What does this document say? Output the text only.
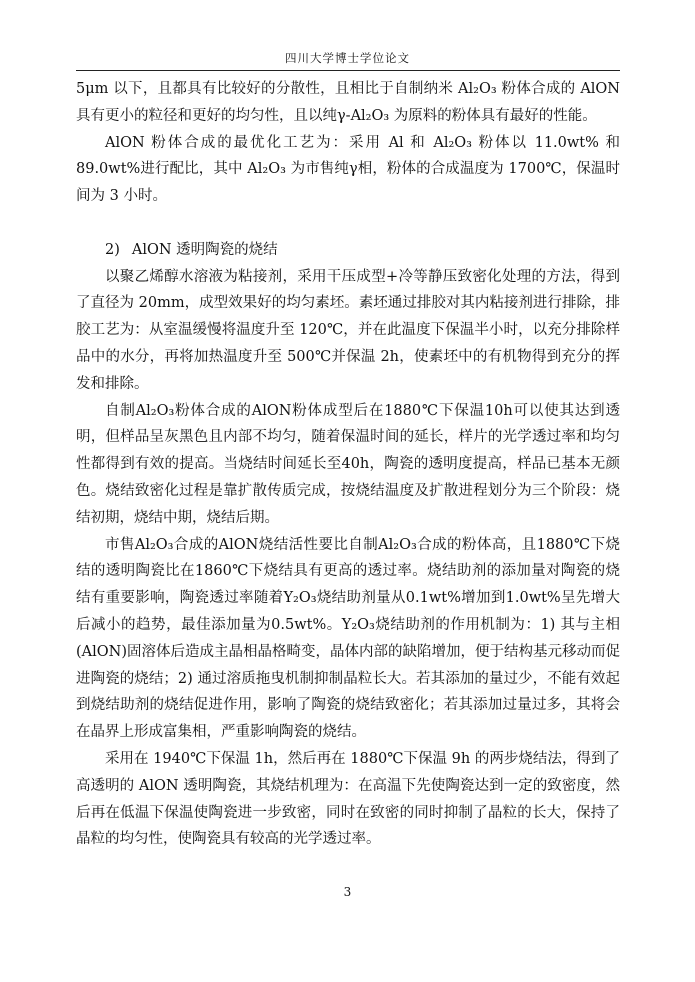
四川大学博士学位论文

5μm 以下，且都具有比较好的分散性，且相比于自制纳米 Al₂O₃ 粉体合成的 AlON 具有更小的粒径和更好的均匀性，且以纯γ-Al₂O₃ 为原料的粉体具有最好的性能。

AlON 粉体合成的最优化工艺为：采用 Al 和 Al₂O₃ 粉体以 11.0wt% 和 89.0wt%进行配比，其中 Al₂O₃ 为市售纯γ相，粉体的合成温度为 1700℃，保温时间为 3 小时。

2) AlON 透明陶瓷的烧结

以聚乙烯醇水溶液为粘接剂，采用干压成型+冷等静压致密化处理的方法，得到了直径为 20mm，成型效果好的均匀素坯。素坯通过排胶对其内粘接剂进行排除，排胶工艺为：从室温缓慢将温度升至 120℃，并在此温度下保温半小时，以充分排除样品中的水分，再将加热温度升至 500℃并保温 2h，使素坯中的有机物得到充分的挥发和排除。

自制Al₂O₃粉体合成的AlON粉体成型后在1880℃下保温10h可以使其达到透明，但样品呈灰黑色且内部不均匀，随着保温时间的延长，样片的光学透过率和均匀性都得到有效的提高。当烧结时间延长至40h，陶瓷的透明度提高，样品已基本无颜色。烧结致密化过程是靠扩散传质完成，按烧结温度及扩散进程划分为三个阶段：烧结初期，烧结中期，烧结后期。

市售Al₂O₃合成的AlON烧结活性要比自制Al₂O₃合成的粉体高，且1880℃下烧结的透明陶瓷比在1860℃下烧结具有更高的透过率。烧结助剂的添加量对陶瓷的烧结有重要影响，陶瓷透过率随着Y₂O₃烧结助剂量从0.1wt%增加到1.0wt%呈先增大后减小的趋势，最佳添加量为0.5wt%。Y₂O₃烧结助剂的作用机制为：1) 其与主相(AlON)固溶体后造成主晶相晶格畸变，晶体内部的缺陷增加，便于结构基元移动而促进陶瓷的烧结；2) 通过溶质拖曳机制抑制晶粒长大。若其添加的量过少，不能有效起到烧结助剂的烧结促进作用，影响了陶瓷的烧结致密化；若其添加过量过多，其将会在晶界上形成富集相，严重影响陶瓷的烧结。

采用在 1940℃下保温 1h，然后再在 1880℃下保温 9h 的两步烧结法，得到了高透明的 AlON 透明陶瓷，其烧结机理为：在高温下先使陶瓷达到一定的致密度，然后再在低温下保温使陶瓷进一步致密，同时在致密的同时抑制了晶粒的长大，保持了晶粒的均匀性，使陶瓷具有较高的光学透过率。

3
